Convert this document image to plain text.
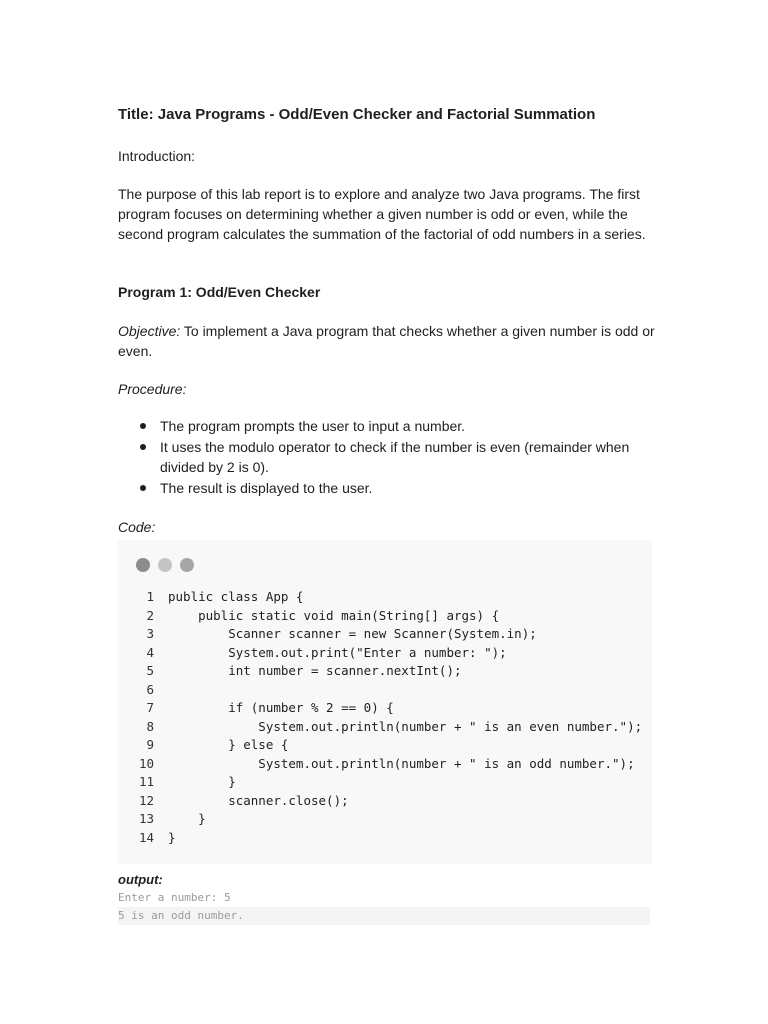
Title: Java Programs - Odd/Even Checker and Factorial Summation
Introduction:
The purpose of this lab report is to explore and analyze two Java programs. The first program focuses on determining whether a given number is odd or even, while the second program calculates the summation of the factorial of odd numbers in a series.
Program 1: Odd/Even Checker
Objective: To implement a Java program that checks whether a given number is odd or even.
Procedure:
The program prompts the user to input a number.
It uses the modulo operator to check if the number is even (remainder when divided by 2 is 0).
The result is displayed to the user.
Code:
1 public class App {
2 public static void main(String[] args) {
3 Scanner scanner = new Scanner(System.in);
4 System.out.print("Enter a number: ");
5 int number = scanner.nextInt();
6
7 if (number % 2 == 0) {
8 System.out.println(number + " is an even number.");
9 } else {
10 System.out.println(number + " is an odd number.");
11 }
12 scanner.close();
13 }
14 }
output:
Enter a number: 5
5 is an odd number.
